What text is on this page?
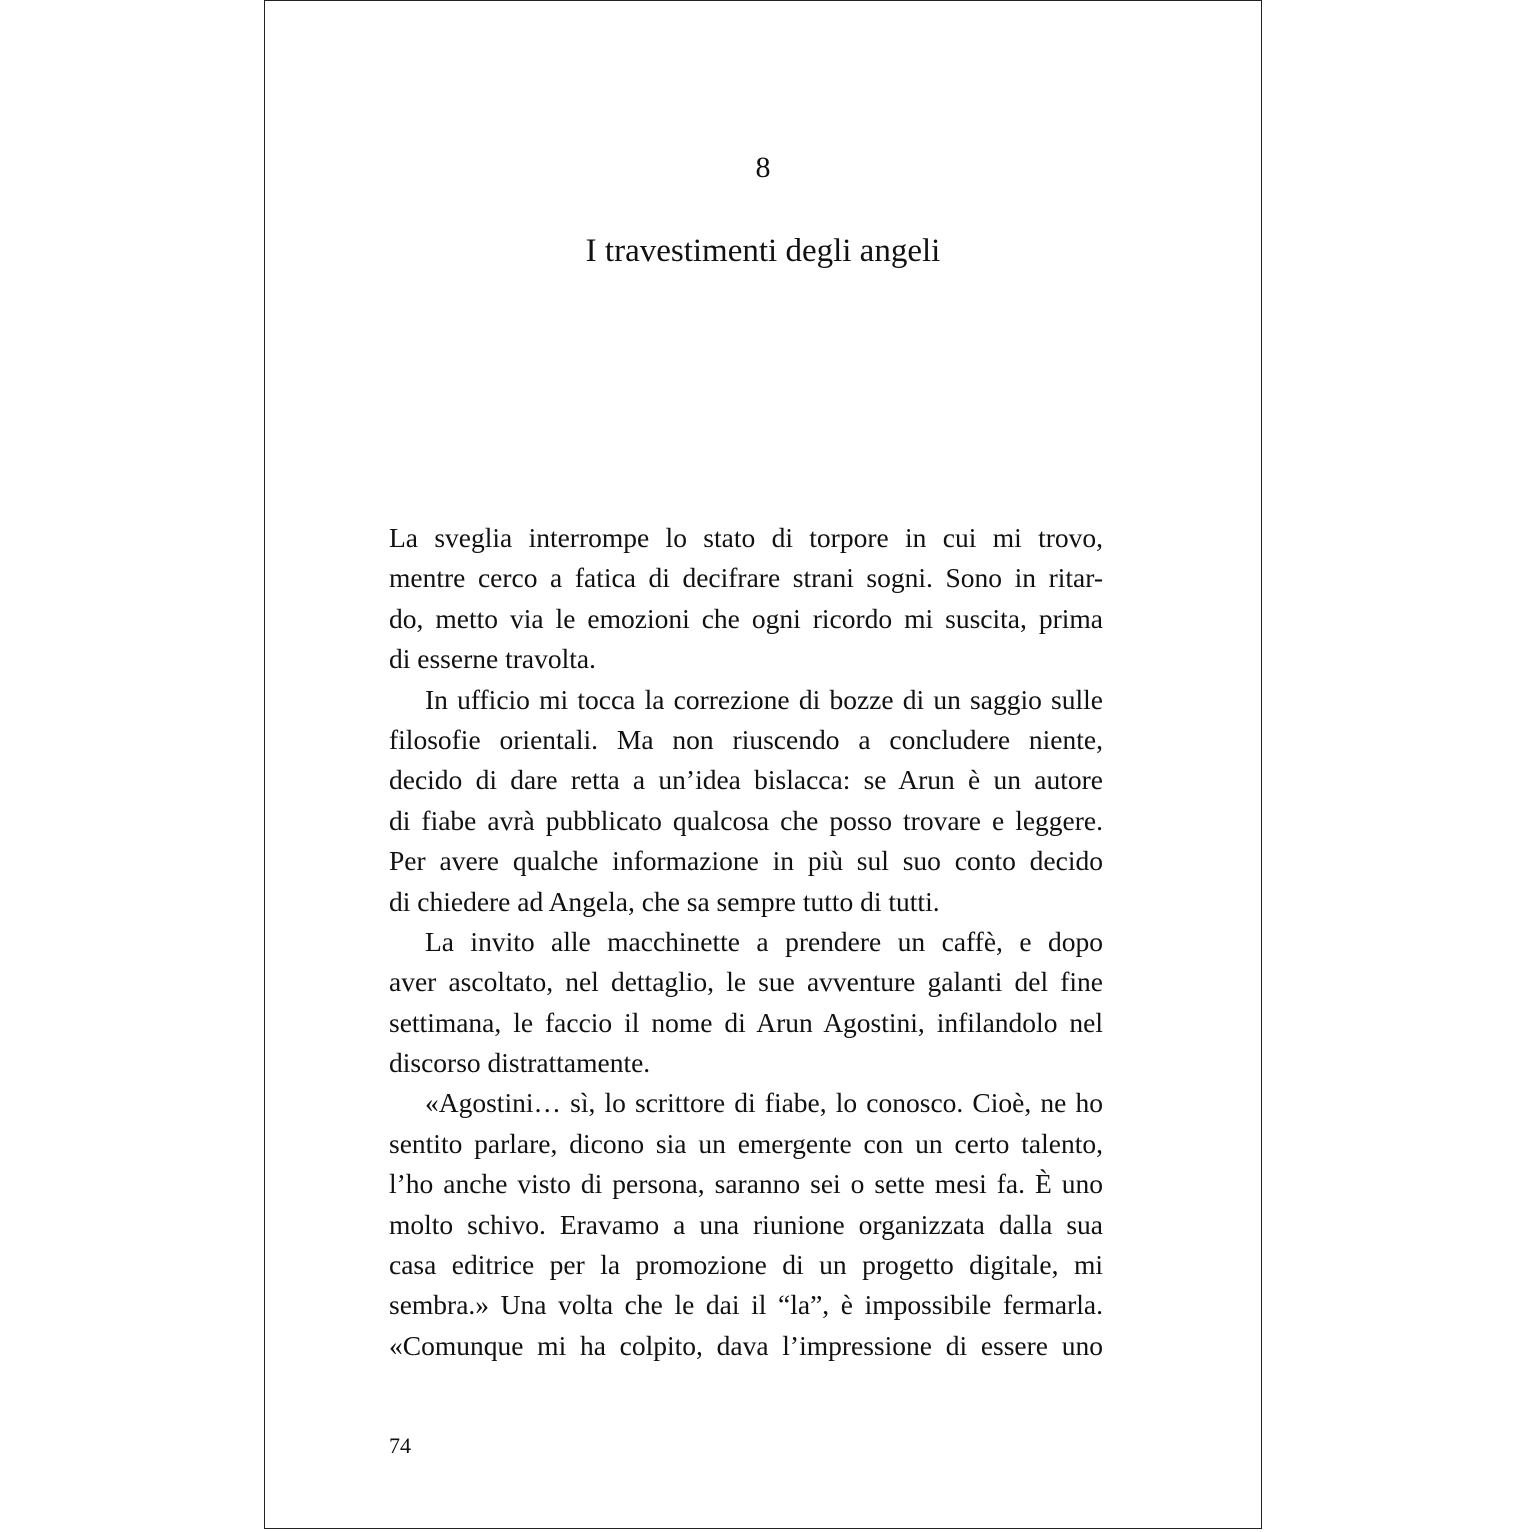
8
I travestimenti degli angeli
La sveglia interrompe lo stato di torpore in cui mi trovo,
mentre cerco a fatica di decifrare strani sogni. Sono in ritar-
do, metto via le emozioni che ogni ricordo mi suscita, prima
di esserne travolta.
In ufficio mi tocca la correzione di bozze di un saggio sulle
filosofie orientali. Ma non riuscendo a concludere niente,
decido di dare retta a un’idea bislacca: se Arun è un autore
di fiabe avrà pubblicato qualcosa che posso trovare e leggere.
Per avere qualche informazione in più sul suo conto decido
di chiedere ad Angela, che sa sempre tutto di tutti.
La invito alle macchinette a prendere un caffè, e dopo
aver ascoltato, nel dettaglio, le sue avventure galanti del fine
settimana, le faccio il nome di Arun Agostini, infilandolo nel
discorso distrattamente.
«Agostini… sì, lo scrittore di fiabe, lo conosco. Cioè, ne ho
sentito parlare, dicono sia un emergente con un certo talento,
l’ho anche visto di persona, saranno sei o sette mesi fa. È uno
molto schivo. Eravamo a una riunione organizzata dalla sua
casa editrice per la promozione di un progetto digitale, mi
sembra.» Una volta che le dai il “la”, è impossibile fermarla.
«Comunque mi ha colpito, dava l’impressione di essere uno
74
